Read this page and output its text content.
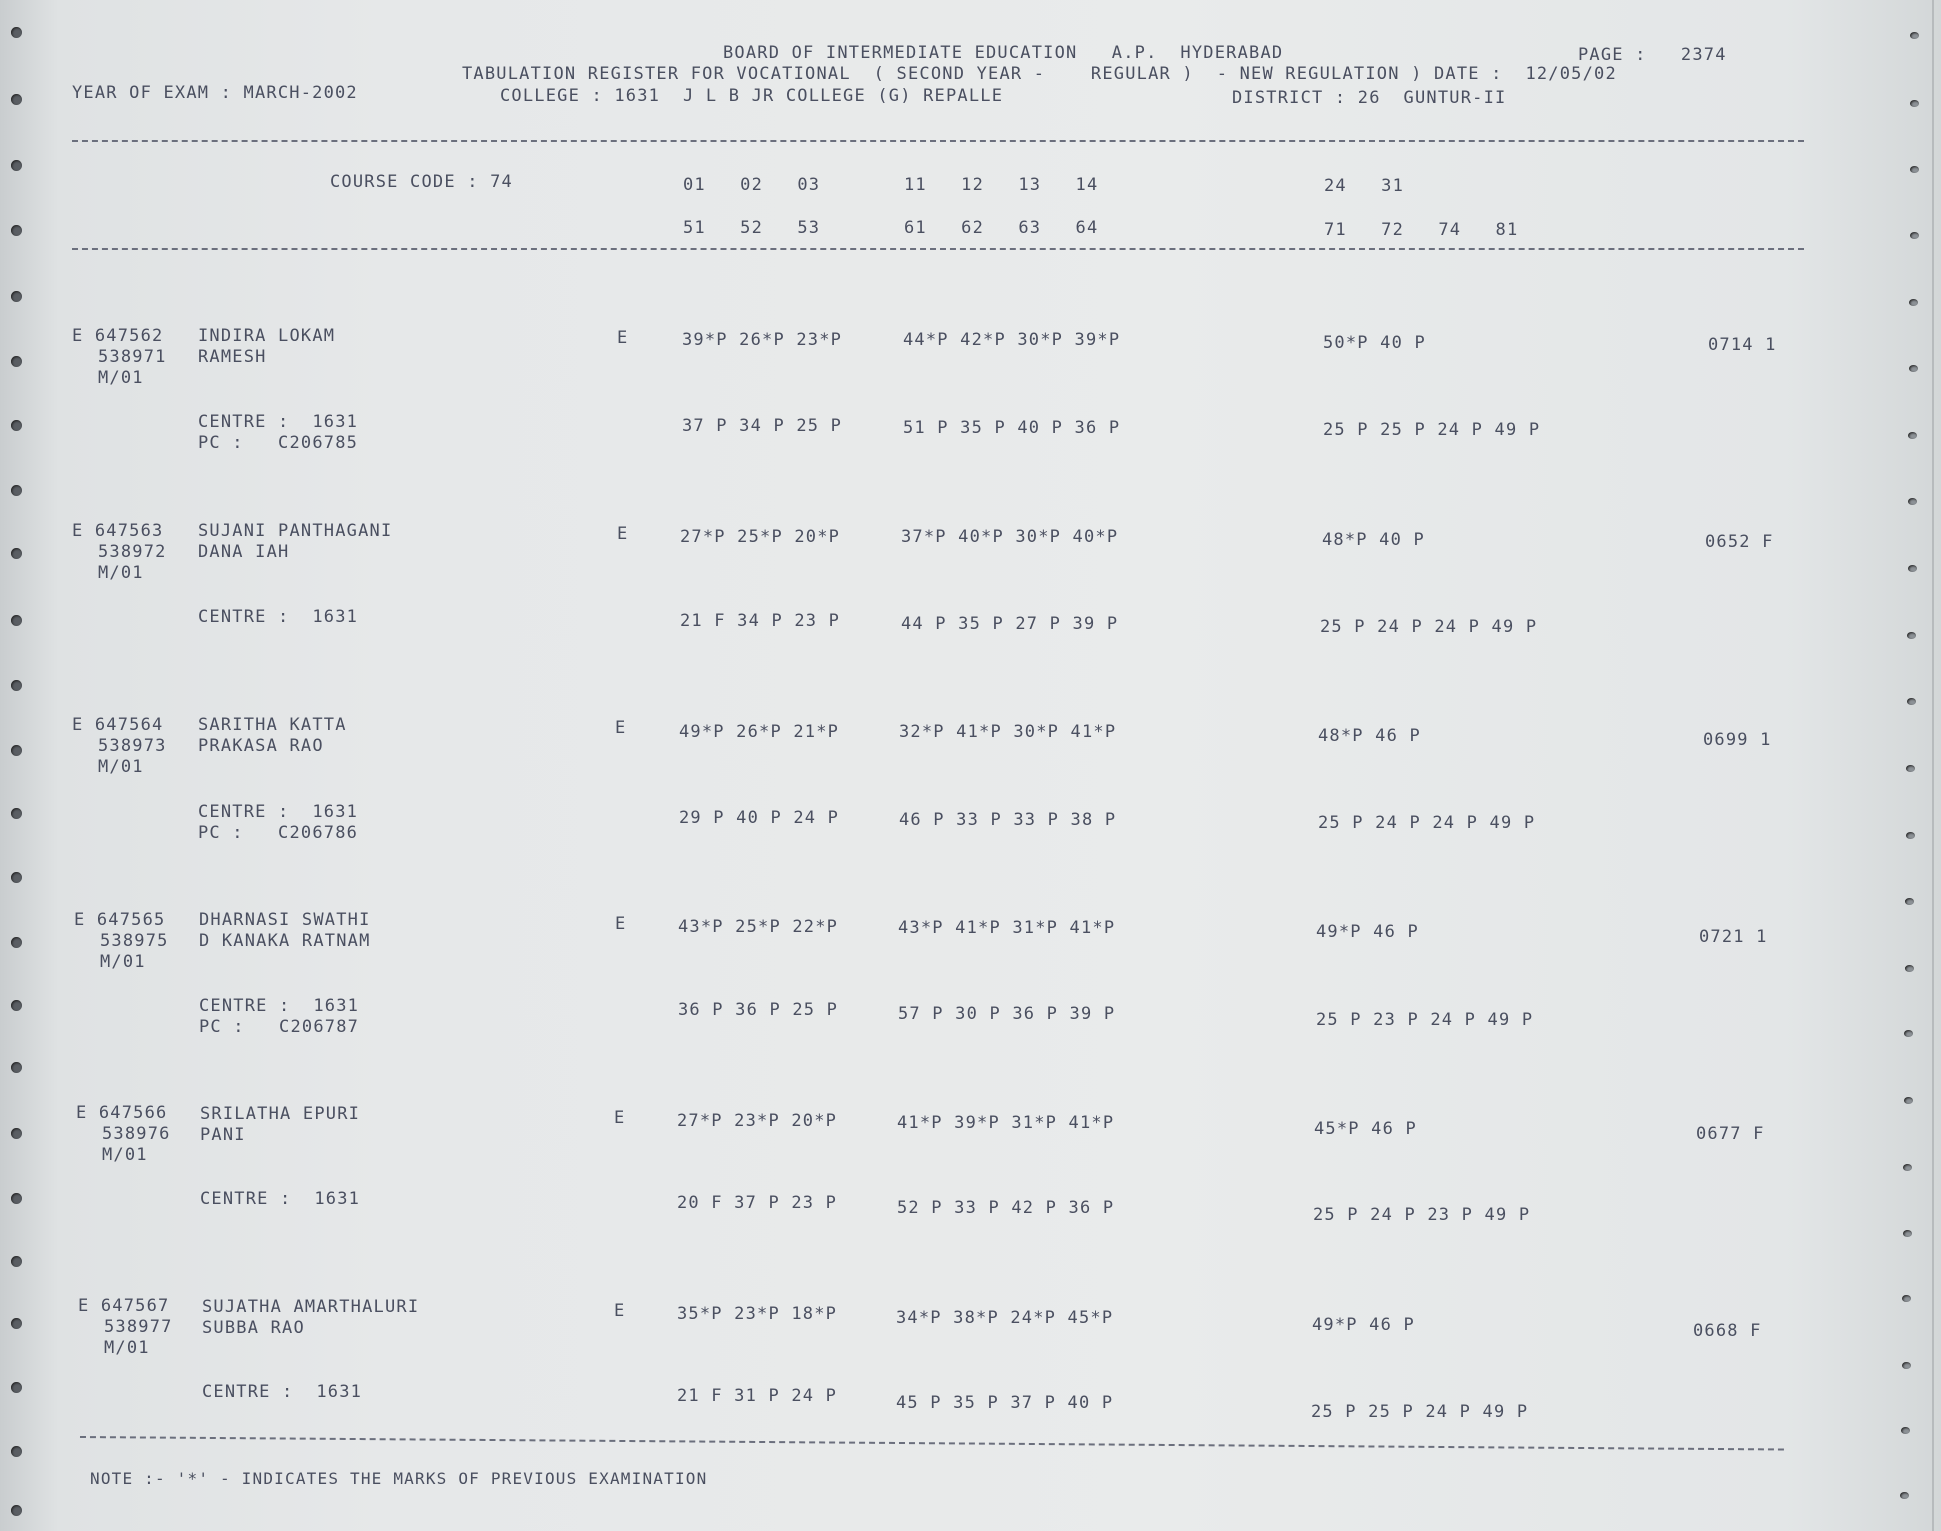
BOARD OF INTERMEDIATE EDUCATION   A.P.  HYDERABAD	PAGE :   2374
TABULATION REGISTER FOR VOCATIONAL  ( SECOND YEAR -    REGULAR )  - NEW REGULATION ) DATE :  12/05/02
YEAR OF EXAM : MARCH-2002	COLLEGE : 1631  J L B JR COLLEGE (G) REPALLE	DISTRICT : 26  GUNTUR-II
COURSE CODE : 74	01   02   03	11   12   13   14	24   31
51   52   53	61   62   63   64	71   72   74   81
E 647562 INDIRA LOKAM
538971 RAMESH
M/01
E	39*P 26*P 23*P	44*P 42*P 30*P 39*P	50*P 40 P	0714 1
CENTRE :  1631
PC :   C206785
37 P 34 P 25 P	51 P 35 P 40 P 36 P	25 P 25 P 24 P 49 P
E 647563 SUJANI PANTHAGANI
538972 DANA IAH
M/01
E	27*P 25*P 20*P	37*P 40*P 30*P 40*P	48*P 40 P	0652 F
CENTRE :  1631	21 F 34 P 23 P	44 P 35 P 27 P 39 P	25 P 24 P 24 P 49 P
E 647564 SARITHA KATTA
538973 PRAKASA RAO
M/01
E	49*P 26*P 21*P	32*P 41*P 30*P 41*P	48*P 46 P	0699 1
CENTRE :  1631
PC :   C206786
29 P 40 P 24 P	46 P 33 P 33 P 38 P	25 P 24 P 24 P 49 P
E 647565 DHARNASI SWATHI
538975 D KANAKA RATNAM
M/01
E	43*P 25*P 22*P	43*P 41*P 31*P 41*P	49*P 46 P	0721 1
CENTRE :  1631
PC :   C206787
36 P 36 P 25 P	57 P 30 P 36 P 39 P	25 P 23 P 24 P 49 P
E 647566 SRILATHA EPURI
538976 PANI
M/01
E	27*P 23*P 20*P	41*P 39*P 31*P 41*P	45*P 46 P	0677 F
CENTRE :  1631	20 F 37 P 23 P	52 P 33 P 42 P 36 P	25 P 24 P 23 P 49 P
E 647567 SUJATHA AMARTHALURI
538977 SUBBA RAO
M/01
E	35*P 23*P 18*P	34*P 38*P 24*P 45*P	49*P 46 P	0668 F
CENTRE :  1631	21 F 31 P 24 P	45 P 35 P 37 P 40 P	25 P 25 P 24 P 49 P
NOTE :- '*' - INDICATES THE MARKS OF PREVIOUS EXAMINATION
